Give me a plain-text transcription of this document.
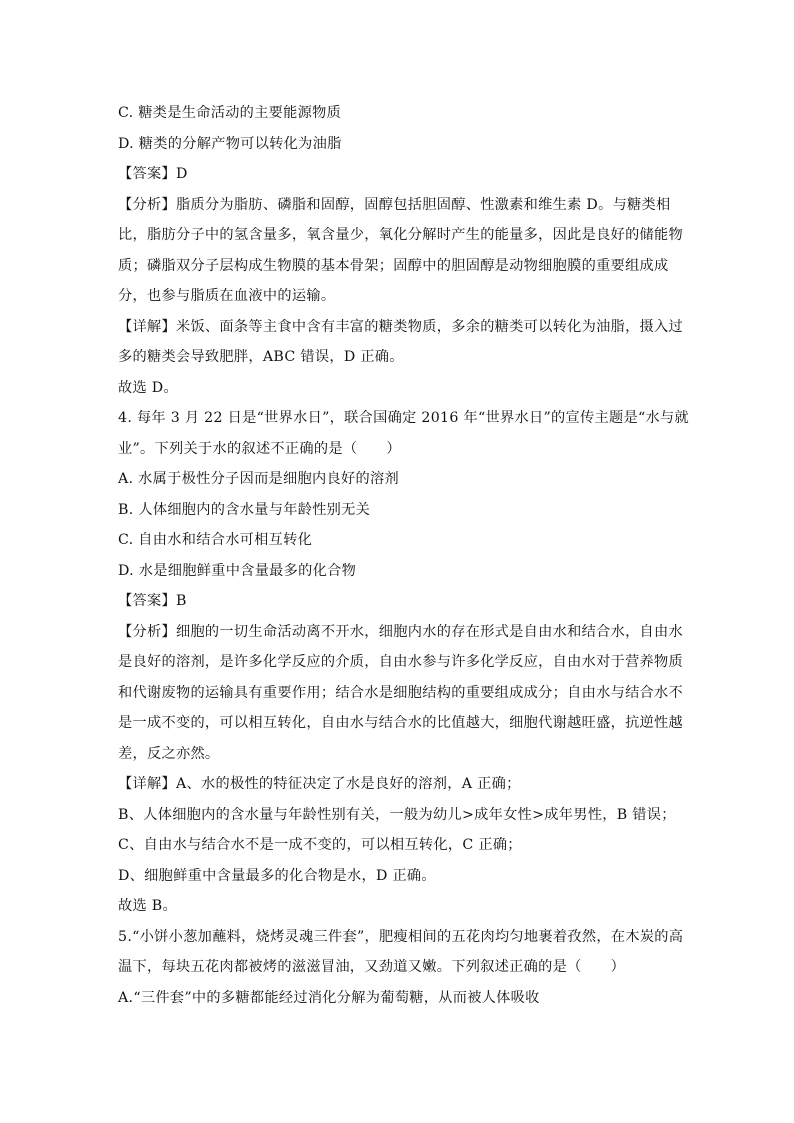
C. 糖类是生命活动的主要能源物质

D. 糖类的分解产物可以转化为油脂

【答案】D

【分析】脂质分为脂肪、磷脂和固醇，固醇包括胆固醇、性激素和维生素 D。与糖类相

比，脂肪分子中的氢含量多，氧含量少，氧化分解时产生的能量多，因此是良好的储能物

质；磷脂双分子层构成生物膜的基本骨架；固醇中的胆固醇是动物细胞膜的重要组成成

分，也参与脂质在血液中的运输。

【详解】米饭、面条等主食中含有丰富的糖类物质，多余的糖类可以转化为油脂，摄入过

多的糖类会导致肥胖，ABC 错误，D 正确。

故选 D。

4. 每年 3 月 22 日是“世界水日”，联合国确定 2016 年“世界水日”的宣传主题是“水与就

业”。下列关于水的叙述不正确的是（　　）

A. 水属于极性分子因而是细胞内良好的溶剂

B. 人体细胞内的含水量与年龄性别无关

C. 自由水和结合水可相互转化

D. 水是细胞鲜重中含量最多的化合物

【答案】B

【分析】细胞的一切生命活动离不开水，细胞内水的存在形式是自由水和结合水，自由水

是良好的溶剂，是许多化学反应的介质，自由水参与许多化学反应，自由水对于营养物质

和代谢废物的运输具有重要作用；结合水是细胞结构的重要组成成分；自由水与结合水不

是一成不变的，可以相互转化，自由水与结合水的比值越大，细胞代谢越旺盛，抗逆性越

差，反之亦然。

【详解】A、水的极性的特征决定了水是良好的溶剂，A 正确；

B、人体细胞内的含水量与年龄性别有关，一般为幼儿>成年女性>成年男性，B 错误；

C、自由水与结合水不是一成不变的，可以相互转化，C 正确；

D、细胞鲜重中含量最多的化合物是水，D 正确。

故选 B。

5.“小饼小葱加蘸料，烧烤灵魂三件套”，肥瘦相间的五花肉均匀地裹着孜然，在木炭的高

温下，每块五花肉都被烤的滋滋冒油，又劲道又嫩。下列叙述正确的是（　　）

A.“三件套”中的多糖都能经过消化分解为葡萄糖，从而被人体吸收
